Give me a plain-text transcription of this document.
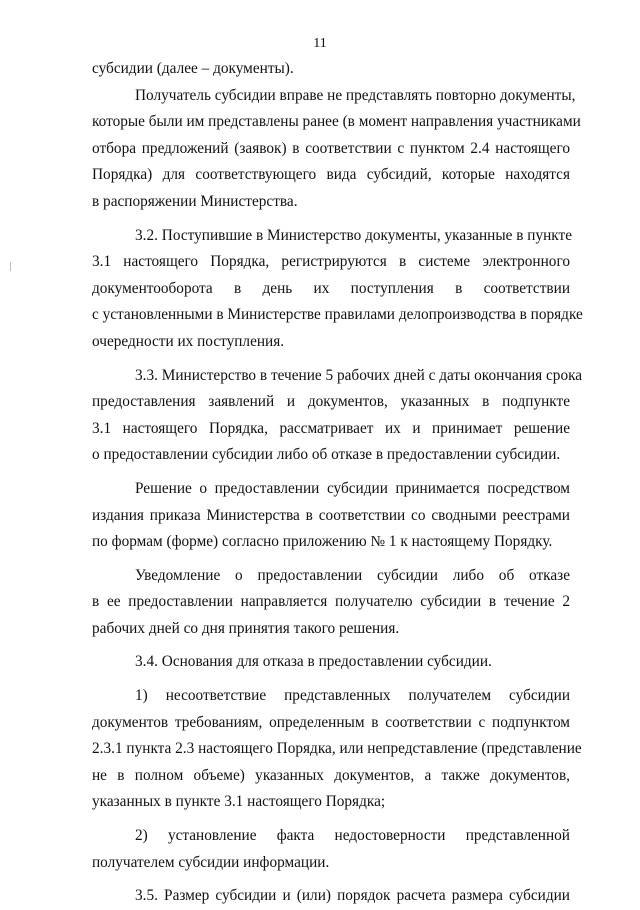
11
субсидии (далее – документы).
Получатель субсидии вправе не представлять повторно документы,
которые были им представлены ранее (в момент направления участниками
отбора предложений (заявок) в соответствии с пунктом 2.4 настоящего
Порядка) для соответствующего вида субсидий, которые находятся
в распоряжении Министерства.
3.2. Поступившие в Министерство документы, указанные в пункте
3.1 настоящего Порядка, регистрируются в системе электронного
документооборота в день их поступления в соответствии
с установленными в Министерстве правилами делопроизводства в порядке
очередности их поступления.
3.3. Министерство в течение 5 рабочих дней с даты окончания срока
предоставления заявлений и документов, указанных в подпункте
3.1 настоящего Порядка, рассматривает их и принимает решение
о предоставлении субсидии либо об отказе в предоставлении субсидии.
Решение о предоставлении субсидии принимается посредством
издания приказа Министерства в соответствии со сводными реестрами
по формам (форме) согласно приложению № 1 к настоящему Порядку.
Уведомление о предоставлении субсидии либо об отказе
в ее предоставлении направляется получателю субсидии в течение 2
рабочих дней со дня принятия такого решения.
3.4. Основания для отказа в предоставлении субсидии.
1) несоответствие представленных получателем субсидии
документов требованиям, определенным в соответствии с подпунктом
2.3.1 пункта 2.3 настоящего Порядка, или непредставление (представление
не в полном объеме) указанных документов, а также документов,
указанных в пункте 3.1 настоящего Порядка;
2) установление факта недостоверности представленной
получателем субсидии информации.
3.5. Размер субсидии и (или) порядок расчета размера субсидии
